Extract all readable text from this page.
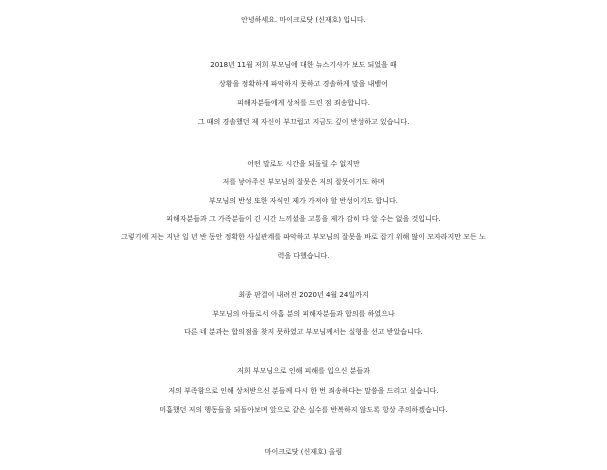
안녕하세요. 마이크로닷 (신재호) 입니다.
2018년 11월 저희 부모님에 대한 뉴스기사가 보도 되었을 때
상황을 정확하게 파악하지 못하고 경솔하게 말을 내뱉어
피해자분들에게 상처를 드린 점 죄송합니다.
그 때의 경솔했던 제 자신이 부끄럽고 지금도 깊이 반성하고 있습니다.
어떤 말로도 시간을 되돌릴 수 없지만
저를 낳아주신 부모님의 잘못은 저의 잘못이기도 하며
부모님의 반성 또한 자식인 제가 가져야 할 반성이기도 합니다.
피해자분들과 그 가족분들이 긴 시간 느끼셨을 고통을 제가 감히 다 알 수는 없을 것입니다.
그렇기에 저는 지난 일 년 반 동안 정확한 사실관계를 파악하고 부모님의 잘못을 바로 잡기 위해 많이 모자라지만 모든 노
력을 다했습니다.
최종 판결이 내려진 2020년 4월 24일까지
부모님의 아들로서 아홉 분의 피해자분들과 합의를 하였으나
다른 네 분과는 합의점을 찾지 못하였고 부모님께서는 실형을 선고 받았습니다.
저희 부모님으로 인해 피해를 입으신 분들과
저의 부족함으로 인해 상처받으신 분들께 다시 한 번 죄송하다는 말씀을 드리고 싶습니다.
미흡했던 저의 행동들을 되돌아보며 앞으로 같은 실수를 반복하지 않도록 항상 주의하겠습니다.
마이크로닷 (신재호) 올림
